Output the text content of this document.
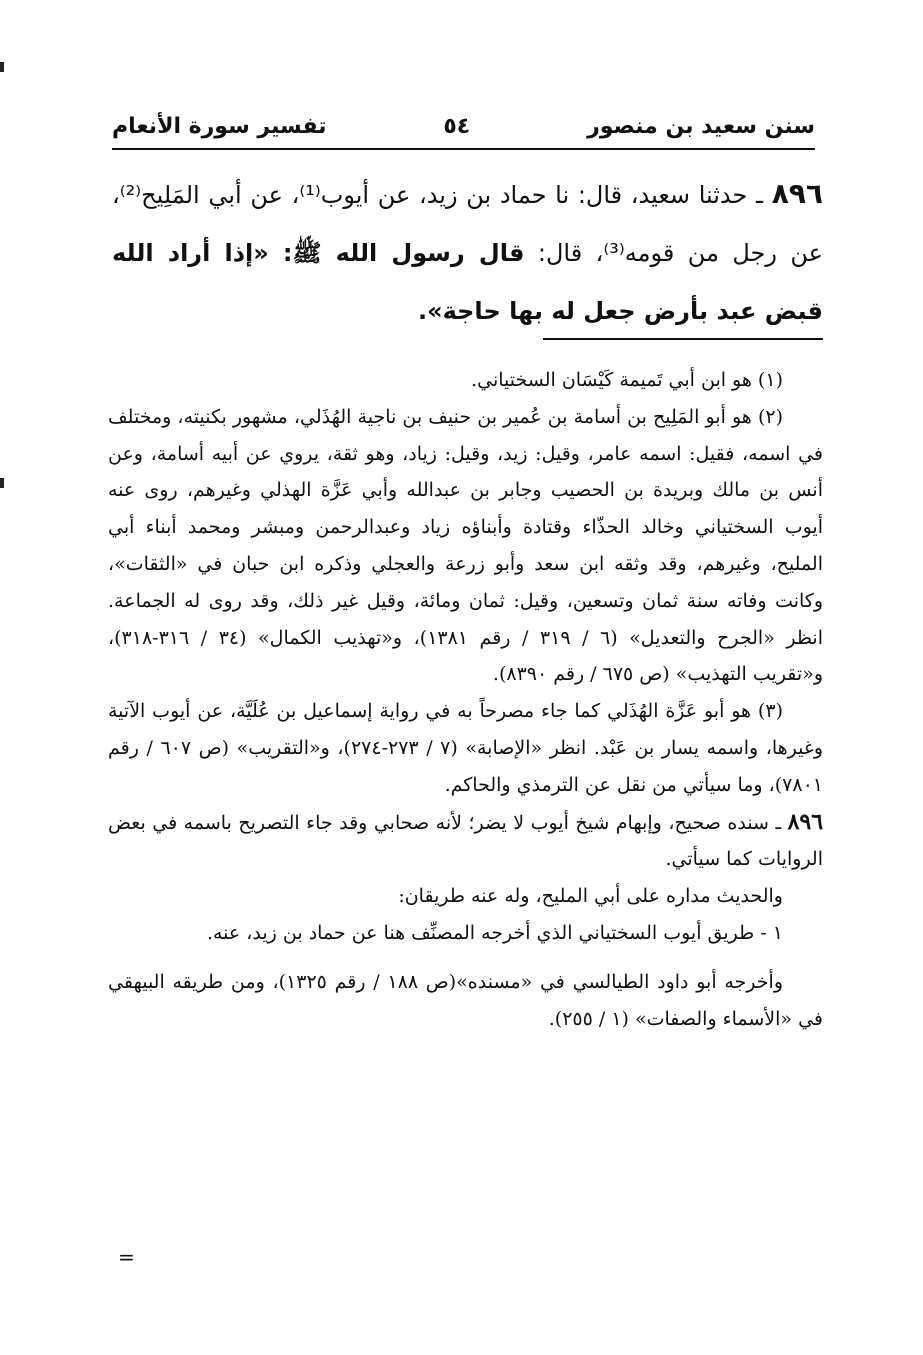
سنن سعيد بن منصور
٥٤
تفسير سورة الأنعام
٨٩٦ ـ حدثنا سعيد، قال: نا حماد بن زيد، عن أيوب⁽¹⁾، عن أبي المَلِيح⁽²⁾، عن رجل من قومه⁽³⁾، قال: قال رسول الله ﷺ: «إذا أراد الله قبض عبد بأرض جعل له بها حاجة».

(١) هو ابن أبي تَميمة كَيْسَان السختياني.

(٢) هو أبو المَلِيح بن أسامة بن عُمير بن حنيف بن ناجية الهُذَلي، مشهور بكنيته، ومختلف في اسمه، فقيل: اسمه عامر، وقيل: زيد، وقيل: زياد، وهو ثقة، يروي عن أبيه أسامة، وعن أنس بن مالك وبريدة بن الحصيب وجابر بن عبدالله وأبي عَزَّة الهذلي وغيرهم، روى عنه أيوب السختياني وخالد الحذّاء وقتادة وأبناؤه زياد وعبدالرحمن ومبشر ومحمد أبناء أبي المليح، وغيرهم، وقد وثقه ابن سعد وأبو زرعة والعجلي وذكره ابن حبان في «الثقات»، وكانت وفاته سنة ثمان وتسعين، وقيل: ثمان ومائة، وقيل غير ذلك، وقد روى له الجماعة. انظر «الجرح والتعديل» (٦ / ٣١٩ / رقم ١٣٨١)، و«تهذيب الكمال» (٣٤ / ٣١٦-٣١٨)، و«تقريب التهذيب» (ص ٦٧٥ / رقم ٨٣٩٠).

(٣) هو أبو عَزَّة الهُذَلي كما جاء مصرحاً به في رواية إسماعيل بن عُلَيَّة، عن أيوب الآتية وغيرها، واسمه يسار بن عَبْد. انظر «الإصابة» (٧ / ٢٧٣-٢٧٤)، و«التقريب» (ص ٦٠٧ / رقم ٧٨٠١)، وما سيأتي من نقل عن الترمذي والحاكم.

٨٩٦ ـ سنده صحيح، وإبهام شيخ أيوب لا يضر؛ لأنه صحابي وقد جاء التصريح باسمه في بعض الروايات كما سيأتي.

والحديث مداره على أبي المليح، وله عنه طريقان:

١ - طريق أيوب السختياني الذي أخرجه المصنِّف هنا عن حماد بن زيد، عنه.

وأخرجه أبو داود الطيالسي في «مسنده»(ص ١٨٨ / رقم ١٣٢٥)، ومن طريقه البيهقي في «الأسماء والصفات» (١ / ٢٥٥).

=
